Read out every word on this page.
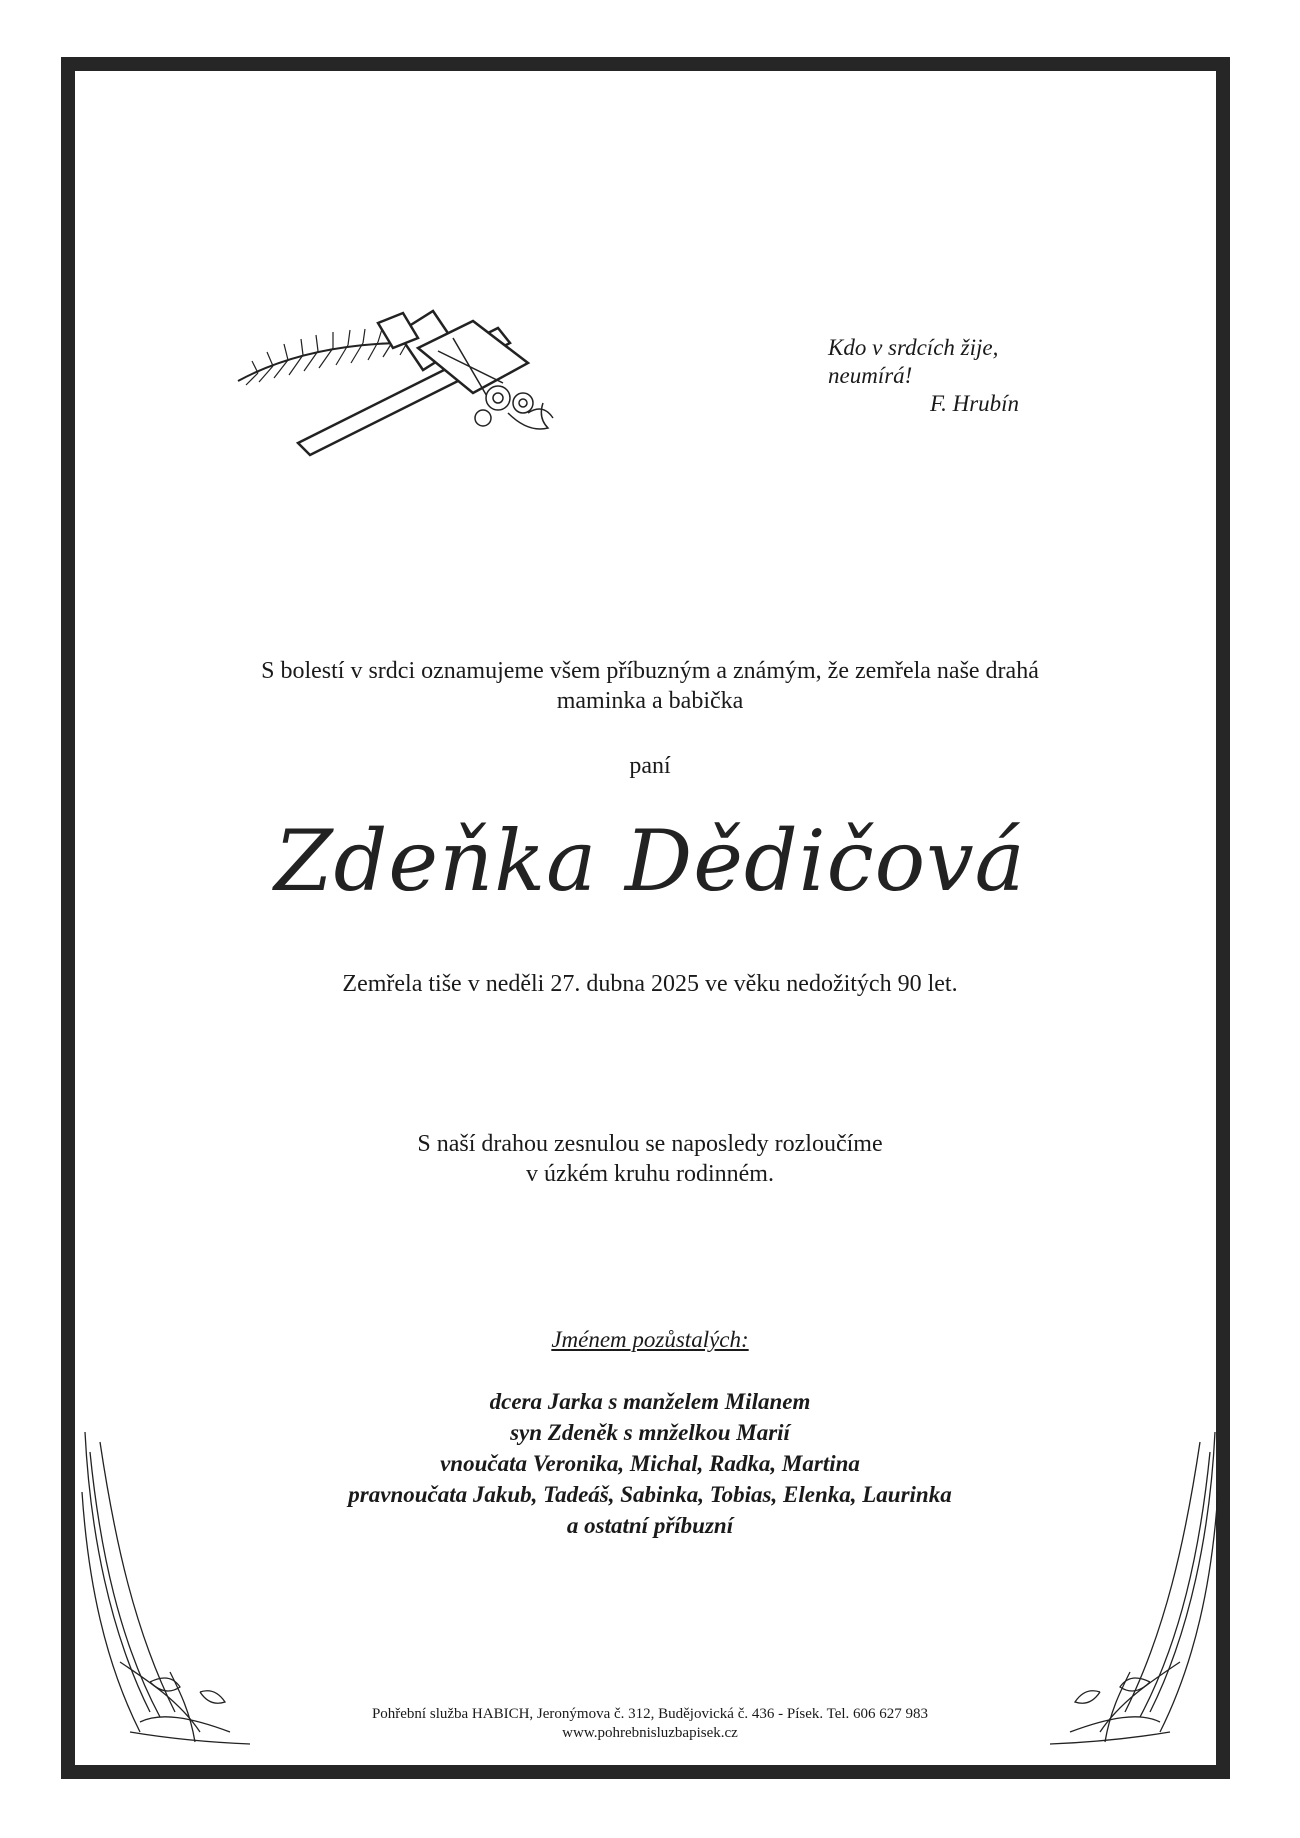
Kdo v srdcích žije,
neumírá!
F. Hrubín
S bolestí v srdci oznamujeme všem příbuzným a známým, že zemřela naše drahá
maminka a babička
paní
Zdeňka Dědičová
Zemřela tiše v neděli 27. dubna 2025 ve věku nedožitých 90 let.
S naší drahou zesnulou se naposledy rozloučíme
v úzkém kruhu rodinném.
Jménem pozůstalých:
dcera Jarka s manželem Milanem
syn Zdeněk s mnželkou Marií
vnoučata Veronika, Michal, Radka, Martina
pravnoučata Jakub, Tadeáš, Sabinka, Tobias, Elenka, Laurinka
a ostatní příbuzní
Pohřební služba HABICH, Jeronýmova č. 312, Budějovická č. 436 - Písek. Tel. 606 627 983
www.pohrebnisluzbapisek.cz
